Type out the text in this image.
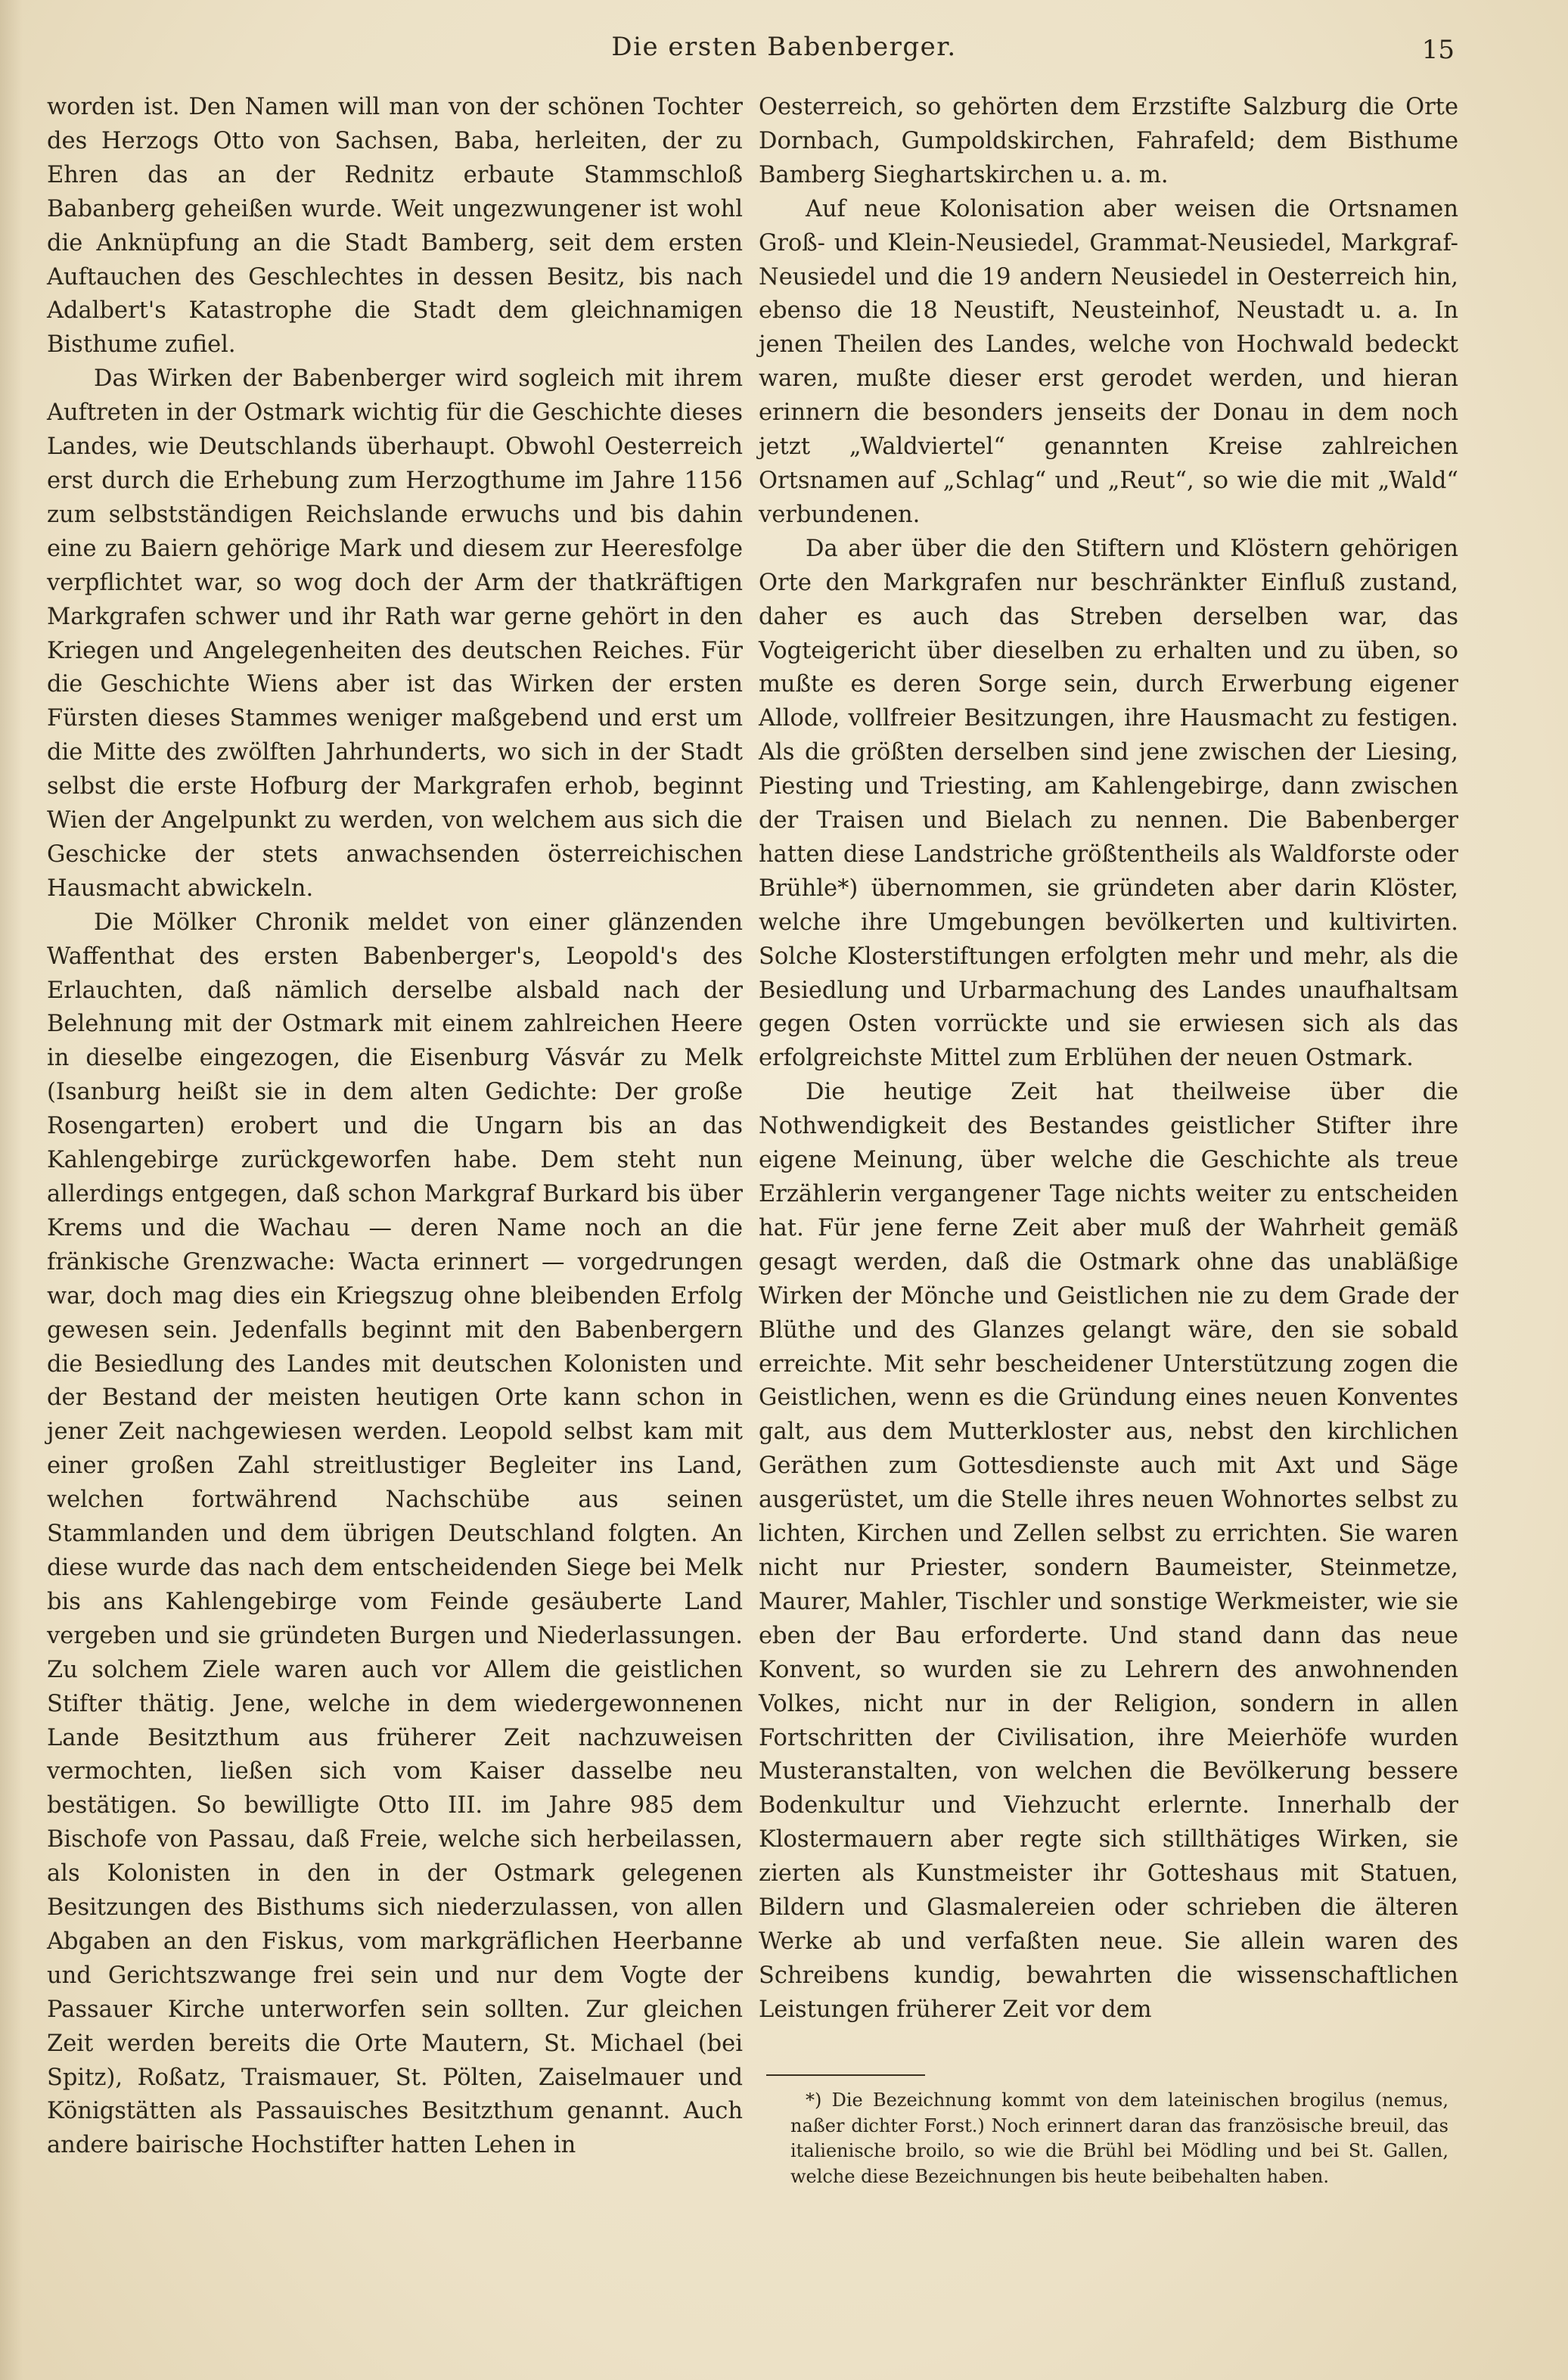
Die ersten Babenberger.	15

worden ist. Den Namen will man von der schönen Tochter des Herzogs Otto von Sachsen, Baba, herleiten, der zu Ehren das an der Rednitz erbaute Stammschloß Babanberg geheißen wurde. Weit ungezwungener ist wohl die Anknüpfung an die Stadt Bamberg, seit dem ersten Auftauchen des Geschlechtes in dessen Besitz, bis nach Adalbert's Katastrophe die Stadt dem gleichnamigen Bisthume zufiel.

Das Wirken der Babenberger wird sogleich mit ihrem Auftreten in der Ostmark wichtig für die Geschichte dieses Landes, wie Deutschlands überhaupt. Obwohl Oesterreich erst durch die Erhebung zum Herzogthume im Jahre 1156 zum selbstständigen Reichslande erwuchs und bis dahin eine zu Baiern gehörige Mark und diesem zur Heeresfolge verpflichtet war, so wog doch der Arm der thatkräftigen Markgrafen schwer und ihr Rath war gerne gehört in den Kriegen und Angelegenheiten des deutschen Reiches. Für die Geschichte Wiens aber ist das Wirken der ersten Fürsten dieses Stammes weniger maßgebend und erst um die Mitte des zwölften Jahrhunderts, wo sich in der Stadt selbst die erste Hofburg der Markgrafen erhob, beginnt Wien der Angelpunkt zu werden, von welchem aus sich die Geschicke der stets anwachsenden österreichischen Hausmacht abwickeln.

Die Mölker Chronik meldet von einer glänzenden Waffenthat des ersten Babenberger's, Leopold's des Erlauchten, daß nämlich derselbe alsbald nach der Belehnung mit der Ostmark mit einem zahlreichen Heere in dieselbe eingezogen, die Eisenburg Vásvár zu Melk (Isanburg heißt sie in dem alten Gedichte: Der große Rosengarten) erobert und die Ungarn bis an das Kahlengebirge zurückgeworfen habe. Dem steht nun allerdings entgegen, daß schon Markgraf Burkard bis über Krems und die Wachau — deren Name noch an die fränkische Grenzwache: Wacta erinnert — vorgedrungen war, doch mag dies ein Kriegszug ohne bleibenden Erfolg gewesen sein. Jedenfalls beginnt mit den Babenbergern die Besiedlung des Landes mit deutschen Kolonisten und der Bestand der meisten heutigen Orte kann schon in jener Zeit nachgewiesen werden. Leopold selbst kam mit einer großen Zahl streitlustiger Begleiter ins Land, welchen fortwährend Nachschübe aus seinen Stammlanden und dem übrigen Deutschland folgten. An diese wurde das nach dem entscheidenden Siege bei Melk bis ans Kahlengebirge vom Feinde gesäuberte Land vergeben und sie gründeten Burgen und Niederlassungen. Zu solchem Ziele waren auch vor Allem die geistlichen Stifter thätig. Jene, welche in dem wiedergewonnenen Lande Besitzthum aus früherer Zeit nachzuweisen vermochten, ließen sich vom Kaiser dasselbe neu bestätigen. So bewilligte Otto III. im Jahre 985 dem Bischofe von Passau, daß Freie, welche sich herbeilassen, als Kolonisten in den in der Ostmark gelegenen Besitzungen des Bisthums sich niederzulassen, von allen Abgaben an den Fiskus, vom markgräflichen Heerbanne und Gerichtszwange frei sein und nur dem Vogte der Passauer Kirche unterworfen sein sollten. Zur gleichen Zeit werden bereits die Orte Mautern, St. Michael (bei Spitz), Roßatz, Traismauer, St. Pölten, Zaiselmauer und Königstätten als Passauisches Besitzthum genannt. Auch andere bairische Hochstifter hatten Lehen in

Oesterreich, so gehörten dem Erzstifte Salzburg die Orte Dornbach, Gumpoldskirchen, Fahrafeld; dem Bisthume Bamberg Sieghartskirchen u. a. m.

Auf neue Kolonisation aber weisen die Ortsnamen Groß- und Klein-Neusiedel, Grammat-Neusiedel, Markgraf-Neusiedel und die 19 andern Neusiedel in Oesterreich hin, ebenso die 18 Neustift, Neusteinhof, Neustadt u. a. In jenen Theilen des Landes, welche von Hochwald bedeckt waren, mußte dieser erst gerodet werden, und hieran erinnern die besonders jenseits der Donau in dem noch jetzt „Waldviertel“ genannten Kreise zahlreichen Ortsnamen auf „Schlag“ und „Reut“, so wie die mit „Wald“ verbundenen.

Da aber über die den Stiftern und Klöstern gehörigen Orte den Markgrafen nur beschränkter Einfluß zustand, daher es auch das Streben derselben war, das Vogteigericht über dieselben zu erhalten und zu üben, so mußte es deren Sorge sein, durch Erwerbung eigener Allode, vollfreier Besitzungen, ihre Hausmacht zu festigen. Als die größten derselben sind jene zwischen der Liesing, Piesting und Triesting, am Kahlengebirge, dann zwischen der Traisen und Bielach zu nennen. Die Babenberger hatten diese Landstriche größtentheils als Waldforste oder Brühle*) übernommen, sie gründeten aber darin Klöster, welche ihre Umgebungen bevölkerten und kultivirten. Solche Klosterstiftungen erfolgten mehr und mehr, als die Besiedlung und Urbarmachung des Landes unaufhaltsam gegen Osten vorrückte und sie erwiesen sich als das erfolgreichste Mittel zum Erblühen der neuen Ostmark.

Die heutige Zeit hat theilweise über die Nothwendigkeit des Bestandes geistlicher Stifter ihre eigene Meinung, über welche die Geschichte als treue Erzählerin vergangener Tage nichts weiter zu entscheiden hat. Für jene ferne Zeit aber muß der Wahrheit gemäß gesagt werden, daß die Ostmark ohne das unabläßige Wirken der Mönche und Geistlichen nie zu dem Grade der Blüthe und des Glanzes gelangt wäre, den sie sobald erreichte. Mit sehr bescheidener Unterstützung zogen die Geistlichen, wenn es die Gründung eines neuen Konventes galt, aus dem Mutterkloster aus, nebst den kirchlichen Geräthen zum Gottesdienste auch mit Axt und Säge ausgerüstet, um die Stelle ihres neuen Wohnortes selbst zu lichten, Kirchen und Zellen selbst zu errichten. Sie waren nicht nur Priester, sondern Baumeister, Steinmetze, Maurer, Mahler, Tischler und sonstige Werkmeister, wie sie eben der Bau erforderte. Und stand dann das neue Konvent, so wurden sie zu Lehrern des anwohnenden Volkes, nicht nur in der Religion, sondern in allen Fortschritten der Civilisation, ihre Meierhöfe wurden Musteranstalten, von welchen die Bevölkerung bessere Bodenkultur und Viehzucht erlernte. Innerhalb der Klostermauern aber regte sich stillthätiges Wirken, sie zierten als Kunstmeister ihr Gotteshaus mit Statuen, Bildern und Glasmalereien oder schrieben die älteren Werke ab und verfaßten neue. Sie allein waren des Schreibens kundig, bewahrten die wissenschaftlichen Leistungen früherer Zeit vor dem

*) Die Bezeichnung kommt von dem lateinischen brogilus (nemus, naßer dichter Forst.) Noch erinnert daran das französische breuil, das italienische broilo, so wie die Brühl bei Mödling und bei St. Gallen, welche diese Bezeichnungen bis heute beibehalten haben.
